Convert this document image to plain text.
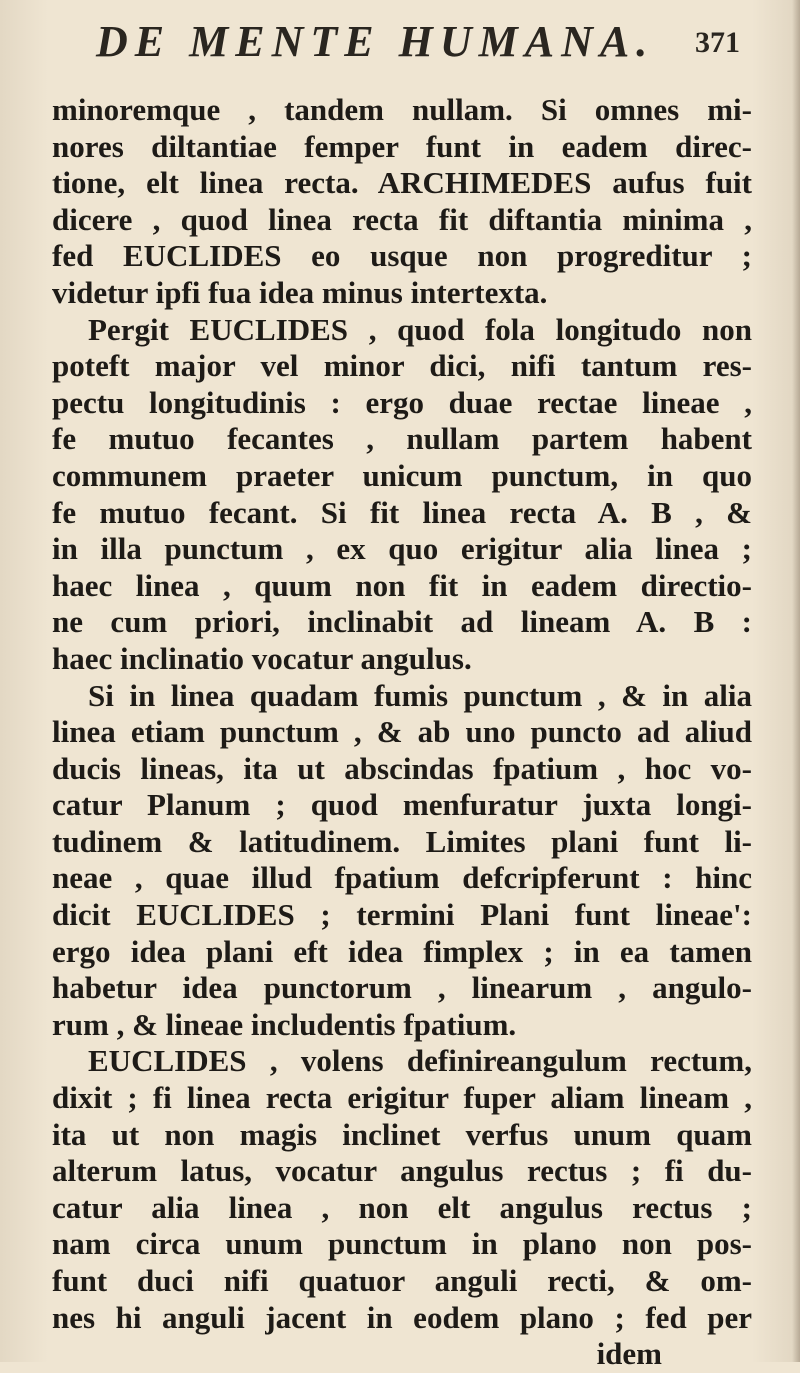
DE MENTE HUMANA. 371
minoremque , tandem nullam. Si omnes mi-
nores diltantiae femper funt in eadem direc-
tione, elt linea recta. ARCHIMEDES aufus fuit
dicere , quod linea recta fit diftantia minima ,
fed EUCLIDES eo usque non progreditur ;
videtur ipfi fua idea minus intertexta.
Pergit EUCLIDES , quod fola longitudo non
poteft major vel minor dici, nifi tantum res-
pectu longitudinis : ergo duae rectae lineae ,
fe mutuo fecantes , nullam partem habent
communem praeter unicum punctum, in quo
fe mutuo fecant. Si fit linea recta A. B , &
in illa punctum , ex quo erigitur alia linea ;
haec linea , quum non fit in eadem directio-
ne cum priori, inclinabit ad lineam A. B :
haec inclinatio vocatur angulus.
Si in linea quadam fumis punctum , & in alia
linea etiam punctum , & ab uno puncto ad aliud
ducis lineas, ita ut abscindas fpatium , hoc vo-
catur Planum ; quod menfuratur juxta longi-
tudinem & latitudinem. Limites plani funt li-
neae , quae illud fpatium defcripferunt : hinc
dicit EUCLIDES ; termini Plani funt lineae':
ergo idea plani eft idea fimplex ; in ea tamen
habetur idea punctorum , linearum , angulo-
rum , & lineae includentis fpatium.
EUCLIDES , volens definireangulum rectum,
dixit ; fi linea recta erigitur fuper aliam lineam ,
ita ut non magis inclinet verfus unum quam
alterum latus, vocatur angulus rectus ; fi du-
catur alia linea , non elt angulus rectus ;
nam circa unum punctum in plano non pos-
funt duci nifi quatuor anguli recti, & om-
nes hi anguli jacent in eodem plano ; fed per
idem
